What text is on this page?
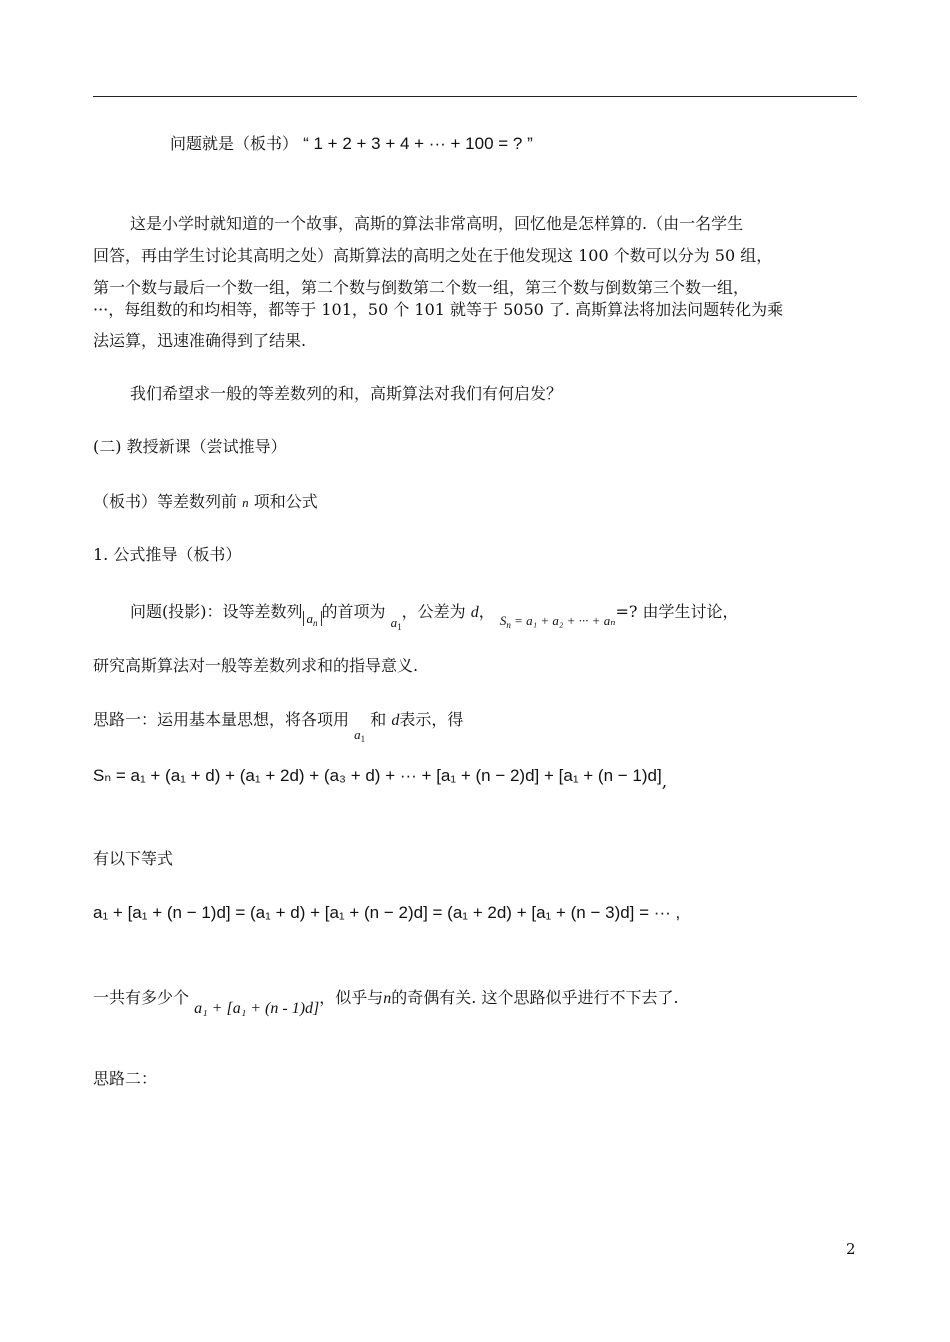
问题就是（板书） “ 1 + 2 + 3 + 4 + ··· + 100 = ? ”
这是小学时就知道的一个故事，高斯的算法非常高明，回忆他是怎样算的.（由一名学生
回答，再由学生讨论其高明之处）高斯算法的高明之处在于他发现这 100 个数可以分为 50 组，
第一个数与最后一个数一组，第二个数与倒数第二个数一组，第三个数与倒数第三个数一组，
···，每组数的和均相等，都等于 101，50 个 101 就等于 5050 了. 高斯算法将加法问题转化为乘
法运算，迅速准确得到了结果.
我们希望求一般的等差数列的和，高斯算法对我们有何启发？
(二) 教授新课（尝试推导）
（板书）等差数列前 n 项和公式
1. 公式推导（板书）
问题(投影)：设等差数列 $_{a_n}$的首项为 $_{a_1}$，公差为 d， $_{S_n = a_1 + a_2 + \cdot\cdot\cdot + a_n}$=? 由学生讨论，
研究高斯算法对一般等差数列求和的指导意义.
思路一：运用基本量思想，将各项用 $_{a_1}$ 和 d表示，得
Sₙ = a₁ + (a₁ + d) + (a₁ + 2d) + (a₃ + d) + ··· + [a₁ + (n − 2)d] + [a₁ + (n − 1)d],
有以下等式
a₁ + [a₁ + (n − 1)d] = (a₁ + d) + [a₁ + (n − 2)d] = (a₁ + 2d) + [a₁ + (n − 3)d] = ··· ,
一共有多少个 a₁ + [a₁ + (n - 1)d]，似乎与n的奇偶有关. 这个思路似乎进行不下去了.
思路二：
2
